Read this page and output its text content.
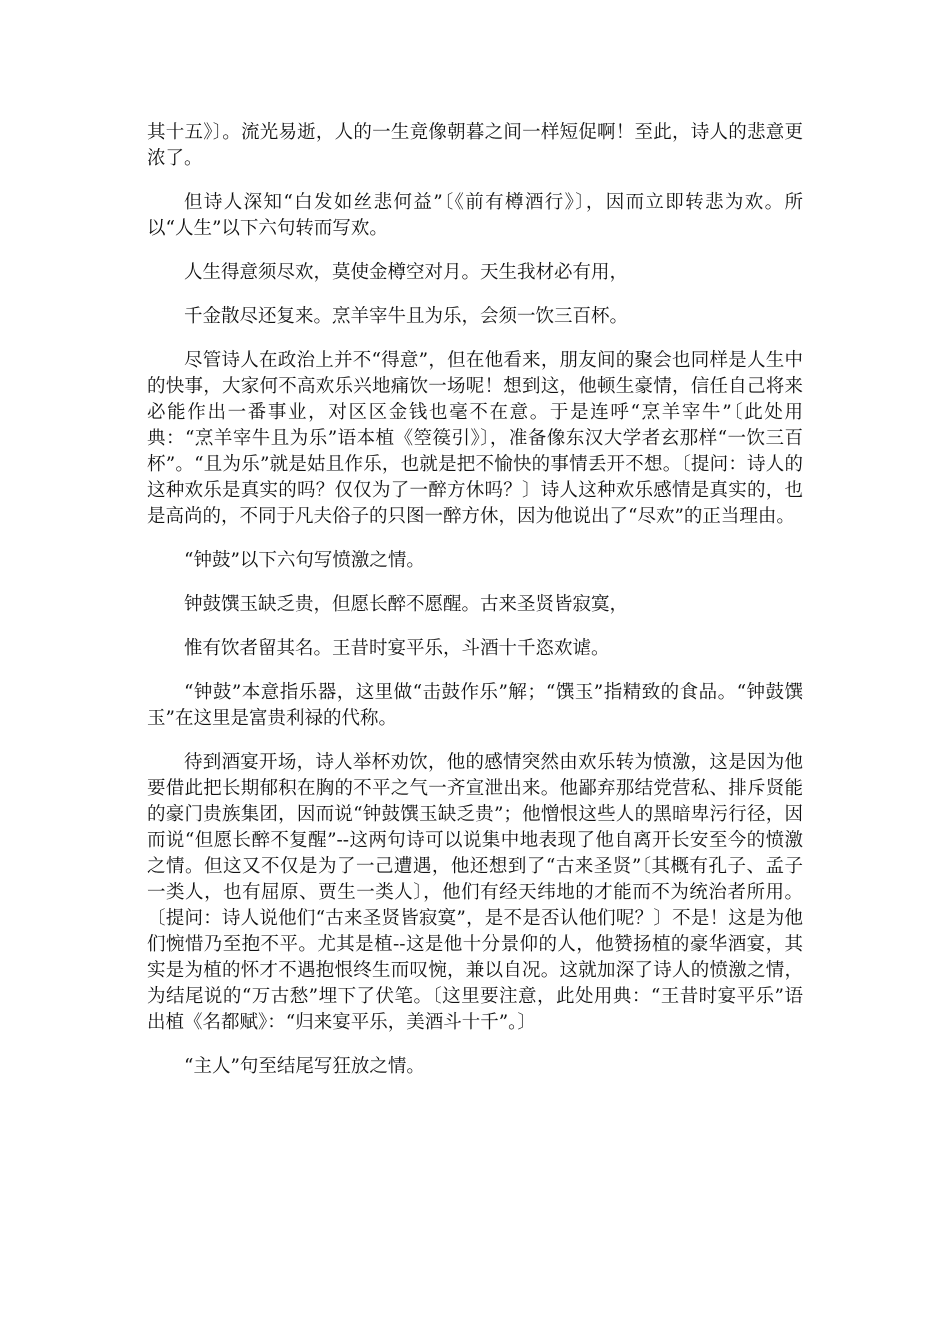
其十五》〕。流光易逝，人的一生竟像朝暮之间一样短促啊！至此，诗人的悲意更浓了。

但诗人深知“白发如丝悲何益”〔《前有樽酒行》〕，因而立即转悲为欢。所以“人生”以下六句转而写欢。

人生得意须尽欢，莫使金樽空对月。天生我材必有用，

千金散尽还复来。烹羊宰牛且为乐，会须一饮三百杯。

尽管诗人在政治上并不“得意”，但在他看来，朋友间的聚会也同样是人生中的快事，大家何不高欢乐兴地痛饮一场呢！想到这，他顿生豪情，信任自己将来必能作出一番事业，对区区金钱也毫不在意。于是连呼“烹羊宰牛”〔此处用典：“烹羊宰牛且为乐”语本植《箜篌引》〕，准备像东汉大学者玄那样“一饮三百杯”。“且为乐”就是姑且作乐，也就是把不愉快的事情丢开不想。〔提问：诗人的这种欢乐是真实的吗？仅仅为了一醉方休吗？〕诗人这种欢乐感情是真实的，也是高尚的，不同于凡夫俗子的只图一醉方休，因为他说出了“尽欢”的正当理由。

“钟鼓”以下六句写愤激之情。

钟鼓馔玉缺乏贵，但愿长醉不愿醒。古来圣贤皆寂寞，

惟有饮者留其名。王昔时宴平乐，斗酒十千恣欢谑。

“钟鼓”本意指乐器，这里做“击鼓作乐”解；“馔玉”指精致的食品。“钟鼓馔玉”在这里是富贵利禄的代称。

待到酒宴开场，诗人举杯劝饮，他的感情突然由欢乐转为愤激，这是因为他要借此把长期郁积在胸的不平之气一齐宣泄出来。他鄙弃那结党营私、排斥贤能的豪门贵族集团，因而说“钟鼓馔玉缺乏贵”；他憎恨这些人的黑暗卑污行径，因而说“但愿长醉不复醒”--这两句诗可以说集中地表现了他自离开长安至今的愤激之情。但这又不仅是为了一己遭遇，他还想到了“古来圣贤”〔其概有孔子、孟子一类人，也有屈原、贾生一类人〕，他们有经天纬地的才能而不为统治者所用。〔提问：诗人说他们“古来圣贤皆寂寞”，是不是否认他们呢？〕不是！这是为他们惋惜乃至抱不平。尤其是植--这是他十分景仰的人，他赞扬植的豪华酒宴，其实是为植的怀才不遇抱恨终生而叹惋，兼以自况。这就加深了诗人的愤激之情，为结尾说的“万古愁”埋下了伏笔。〔这里要注意，此处用典：“王昔时宴平乐”语出植《名都赋》：“归来宴平乐，美酒斗十千”。〕

“主人”句至结尾写狂放之情。
